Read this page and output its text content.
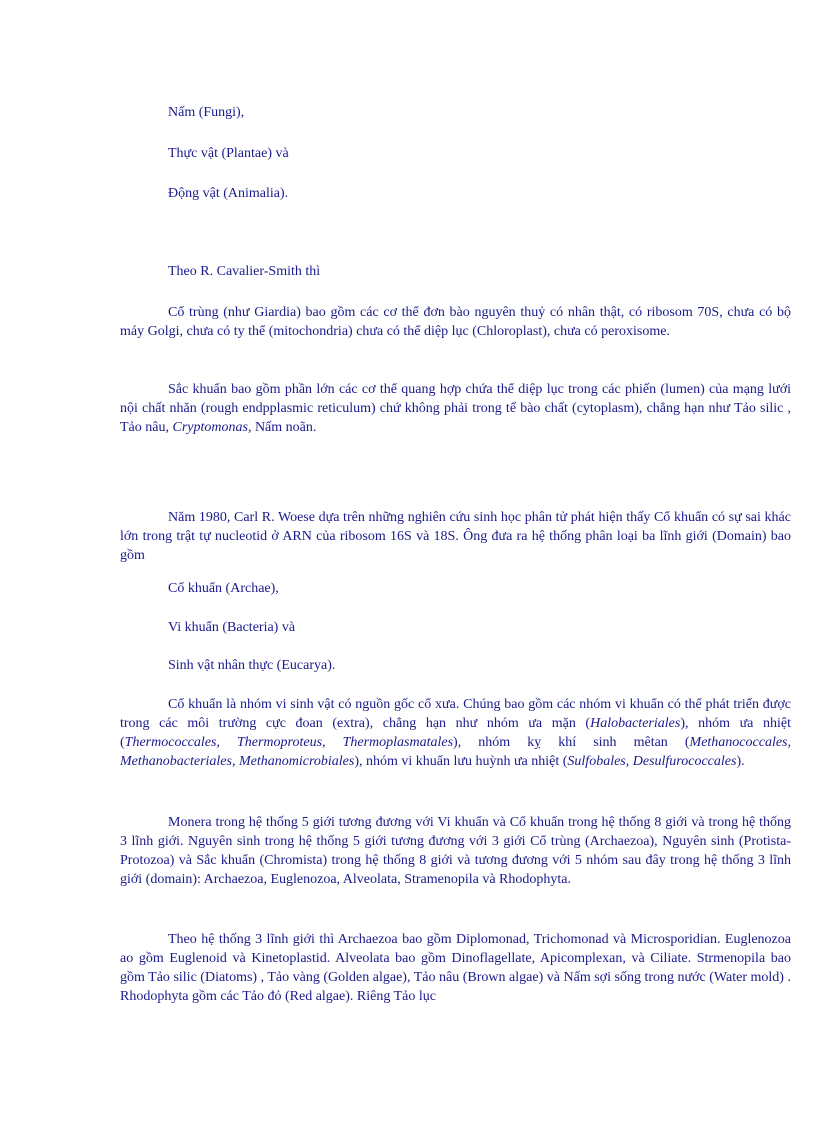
Nấm (Fungi),
Thực vật (Plantae) và
Động vật (Animalia).
Theo R. Cavalier-Smith thì

Cổ trùng (như Giardia) bao gồm các cơ thể đơn bào nguyên thuỷ có nhân thật, có ribosom 70S, chưa có bộ máy Golgi, chưa có ty thể (mitochondria) chưa có thể diệp lục (Chloroplast), chưa có peroxisome.

Sắc khuẩn bao gồm phần lớn các cơ thể quang hợp chứa thể diệp lục trong các phiến (lumen) của mạng lưới nội chất nhăn (rough endpplasmic reticulum) chứ không phải trong tế bào chất (cytoplasm), chẳng hạn như Tảo silic , Tảo nâu, Cryptomonas, Nấm noãn.

Năm 1980, Carl R. Woese dựa trên những nghiên cứu sinh học phân tử phát hiện thấy Cổ khuẩn có sự sai khác lớn trong trật tự nucleotid ở ARN của ribosom 16S và 18S. Ông đưa ra hệ thống phân loại ba lĩnh giới (Domain) bao gồm

Cổ khuẩn (Archae),
Vi khuẩn (Bacteria) và
Sinh vật nhân thực (Eucarya).

Cổ khuẩn là nhóm vi sinh vật có nguồn gốc cổ xưa. Chúng bao gồm các nhóm vi khuẩn có thể phát triển được trong các môi trường cực đoan (extra), chẳng hạn như nhóm ưa mặn (Halobacteriales), nhóm ưa nhiệt (Thermococcales, Thermoproteus, Thermoplasmatales), nhóm kỵ khí sinh mêtan (Methanococcales, Methanobacteriales, Methanomicrobiales), nhóm vi khuẩn lưu huỳnh ưa nhiệt (Sulfobales, Desulfurococcales).

Monera trong hệ thống 5 giới tương đương với Vi khuẩn và Cổ khuẩn trong hệ thống 8 giới và trong hệ thống 3 lĩnh giới. Nguyên sinh trong hệ thống 5 giới tương đương với 3 giới Cổ trùng (Archaezoa), Nguyên sinh (Protista-Protozoa) và Sắc khuẩn (Chromista) trong hệ thống 8 giới và tương đương với 5 nhóm sau đây trong hệ thống 3 lĩnh giới (domain): Archaezoa, Euglenozoa, Alveolata, Stramenopila và Rhodophyta.

Theo hệ thống 3 lĩnh giới thì Archaezoa bao gồm Diplomonad, Trichomonad và Microsporidian. Euglenozoa ao gồm Euglenoid và Kinetoplastid. Alveolata bao gồm Dinoflagellate, Apicomplexan, và Ciliate. Strmenopila bao gồm Tảo silic (Diatoms) , Tảo vàng (Golden algae), Tảo nâu (Brown algae) và Nấm sợi sống trong nước (Water mold) . Rhodophyta gồm các Tảo đỏ (Red algae). Riêng Tảo lục
